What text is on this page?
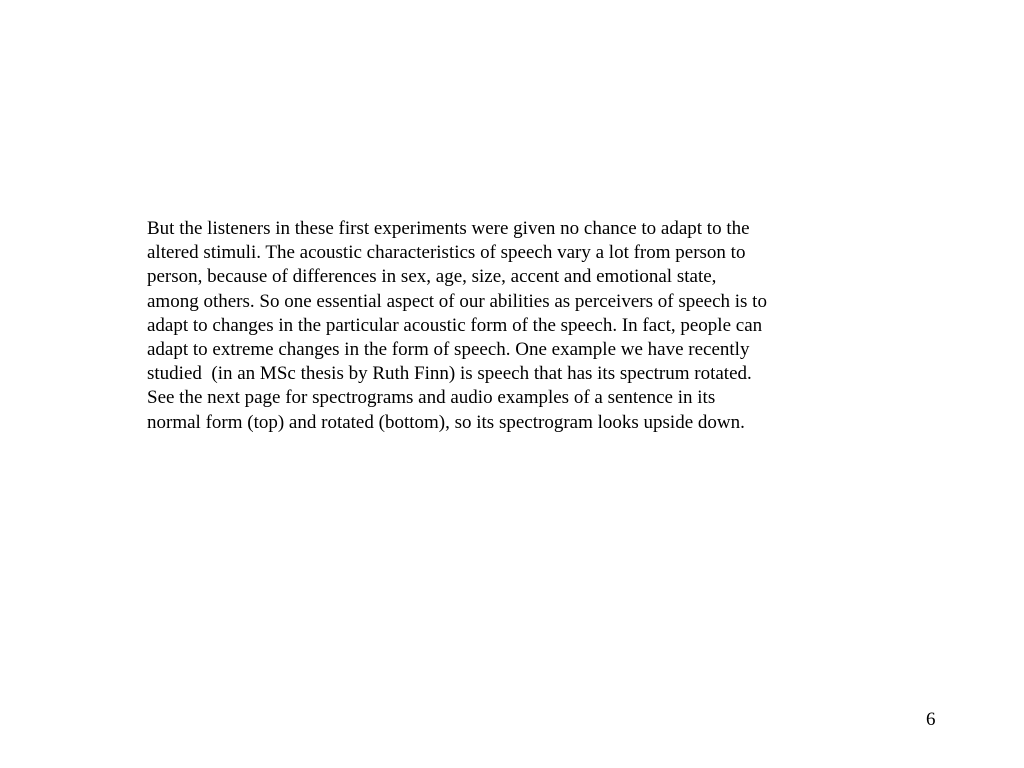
But the listeners in these first experiments were given no chance to adapt to the
altered stimuli. The acoustic characteristics of speech vary a lot from person to
person, because of differences in sex, age, size, accent and emotional state,
among others. So one essential aspect of our abilities as perceivers of speech is to
adapt to changes in the particular acoustic form of the speech. In fact, people can
adapt to extreme changes in the form of speech. One example we have recently
studied  (in an MSc thesis by Ruth Finn) is speech that has its spectrum rotated.
See the next page for spectrograms and audio examples of a sentence in its
normal form (top) and rotated (bottom), so its spectrogram looks upside down.

6
